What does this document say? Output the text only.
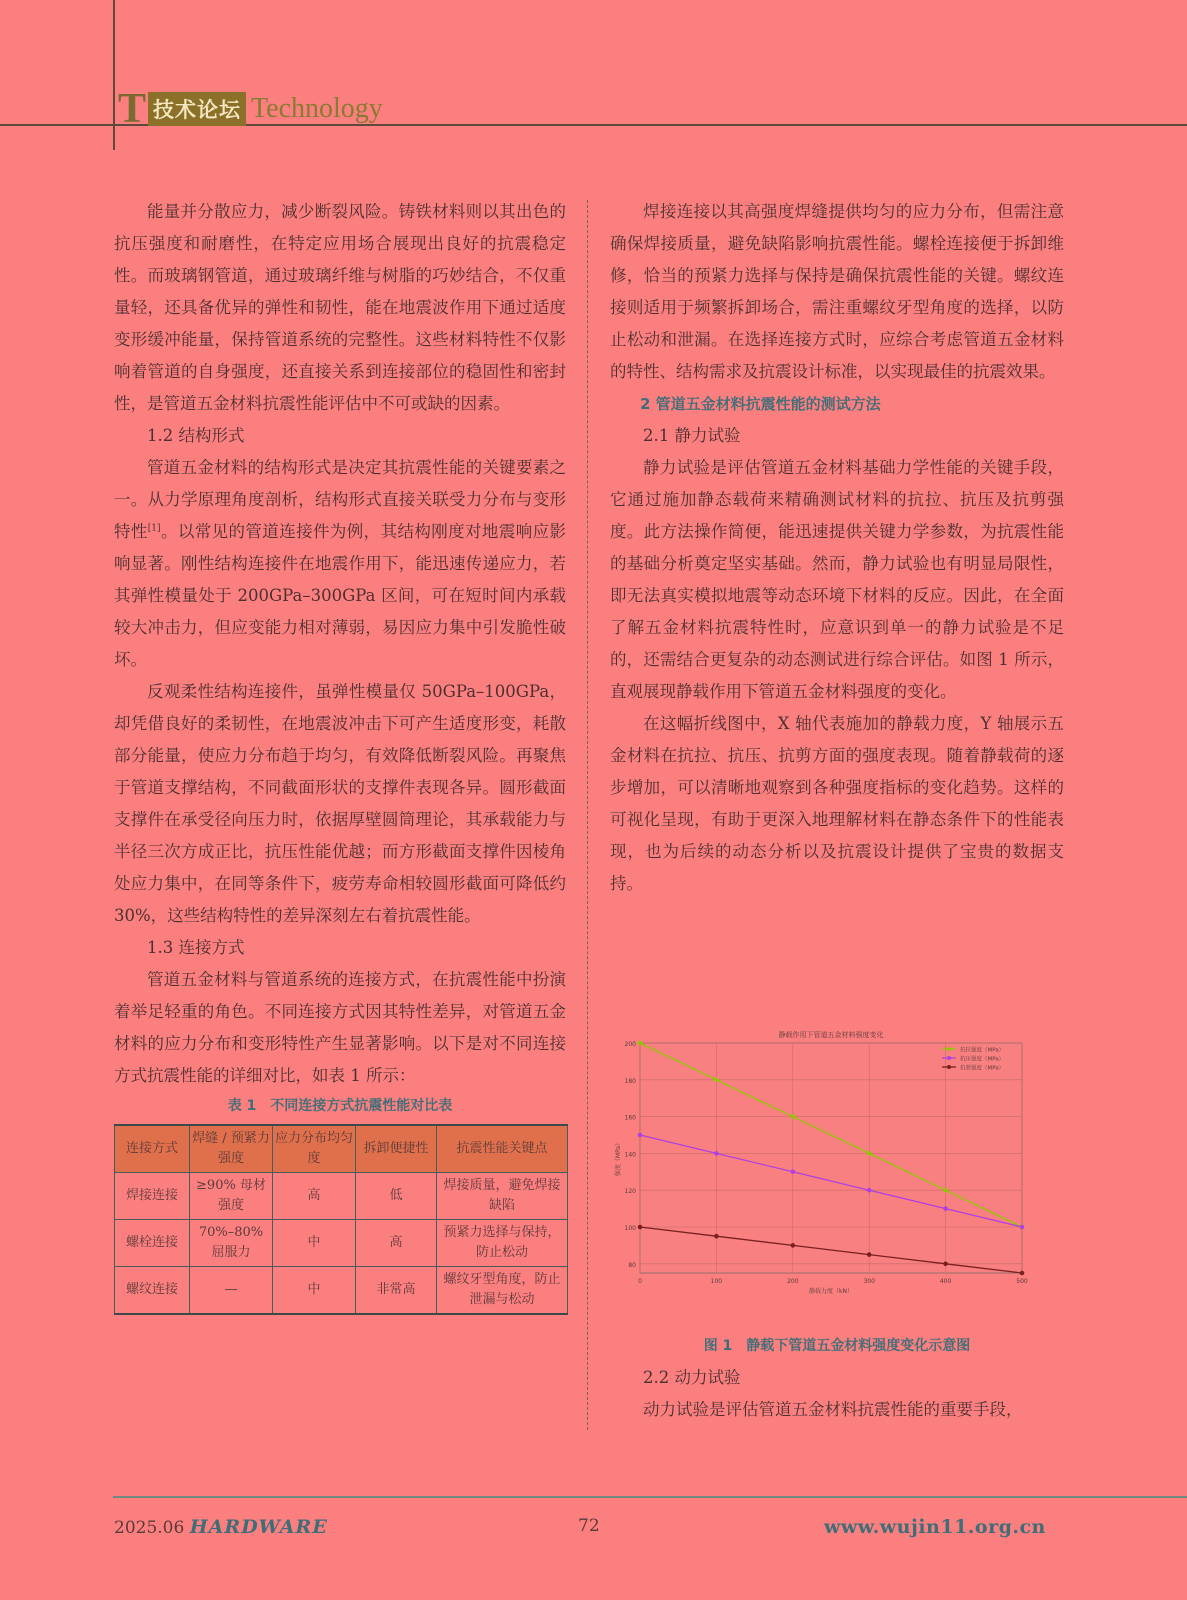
T 技术论坛 Technology

能量并分散应力，减少断裂风险。铸铁材料则以其出色的抗压强度和耐磨性，在特定应用场合展现出良好的抗震稳定性。而玻璃钢管道，通过玻璃纤维与树脂的巧妙结合，不仅重量轻，还具备优异的弹性和韧性，能在地震波作用下通过适度变形缓冲能量，保持管道系统的完整性。这些材料特性不仅影响着管道的自身强度，还直接关系到连接部位的稳固性和密封性，是管道五金材料抗震性能评估中不可或缺的因素。

1.2 结构形式

管道五金材料的结构形式是决定其抗震性能的关键要素之一。从力学原理角度剖析，结构形式直接关联受力分布与变形特性[1]。以常见的管道连接件为例，其结构刚度对地震响应影响显著。刚性结构连接件在地震作用下，能迅速传递应力，若其弹性模量处于 200GPa–300GPa 区间，可在短时间内承载较大冲击力，但应变能力相对薄弱，易因应力集中引发脆性破坏。

反观柔性结构连接件，虽弹性模量仅 50GPa–100GPa，却凭借良好的柔韧性，在地震波冲击下可产生适度形变，耗散部分能量，使应力分布趋于均匀，有效降低断裂风险。再聚焦于管道支撑结构，不同截面形状的支撑件表现各异。圆形截面支撑件在承受径向压力时，依据厚壁圆筒理论，其承载能力与半径三次方成正比，抗压性能优越；而方形截面支撑件因棱角处应力集中，在同等条件下，疲劳寿命相较圆形截面可降低约 30%，这些结构特性的差异深刻左右着抗震性能。

1.3 连接方式

管道五金材料与管道系统的连接方式，在抗震性能中扮演着举足轻重的角色。不同连接方式因其特性差异，对管道五金材料的应力分布和变形特性产生显著影响。以下是对不同连接方式抗震性能的详细对比，如表 1 所示：

表 1　不同连接方式抗震性能对比表
连接方式	焊缝 / 预紧力强度	应力分布均匀度	拆卸便捷性	抗震性能关键点
焊接连接	≥90% 母材强度	高	低	焊接质量，避免焊接缺陷
螺栓连接	70%–80% 屈服力	中	高	预紧力选择与保持，防止松动
螺纹连接	—	中	非常高	螺纹牙型角度，防止泄漏与松动

焊接连接以其高强度焊缝提供均匀的应力分布，但需注意确保焊接质量，避免缺陷影响抗震性能。螺栓连接便于拆卸维修，恰当的预紧力选择与保持是确保抗震性能的关键。螺纹连接则适用于频繁拆卸场合，需注重螺纹牙型角度的选择，以防止松动和泄漏。在选择连接方式时，应综合考虑管道五金材料的特性、结构需求及抗震设计标准，以实现最佳的抗震效果。

2 管道五金材料抗震性能的测试方法
2.1 静力试验

静力试验是评估管道五金材料基础力学性能的关键手段，它通过施加静态载荷来精确测试材料的抗拉、抗压及抗剪强度。此方法操作简便，能迅速提供关键力学参数，为抗震性能的基础分析奠定坚实基础。然而，静力试验也有明显局限性，即无法真实模拟地震等动态环境下材料的反应。因此，在全面了解五金材料抗震特性时，应意识到单一的静力试验是不足的，还需结合更复杂的动态测试进行综合评估。如图 1 所示，直观展现静载作用下管道五金材料强度的变化。

在这幅折线图中，X 轴代表施加的静载力度，Y 轴展示五金材料在抗拉、抗压、抗剪方面的强度表现。随着静载荷的逐步增加，可以清晰地观察到各种强度指标的变化趋势。这样的可视化呈现，有助于更深入地理解材料在静态条件下的性能表现，也为后续的动态分析以及抗震设计提供了宝贵的数据支持。

80
100
120
140
160
180
200
0	100	200	300	400	500
静载作用下管道五金材料强度变化
静载力度（kN）
强度（MPa）
抗拉强度（MPa）
抗压强度（MPa）
抗剪强度（MPa）
图 1　静载下管道五金材料强度变化示意图
2.2 动力试验

动力试验是评估管道五金材料抗震性能的重要手段，

2025.06 HARDWARE	72	www.wujin11.org.cn
